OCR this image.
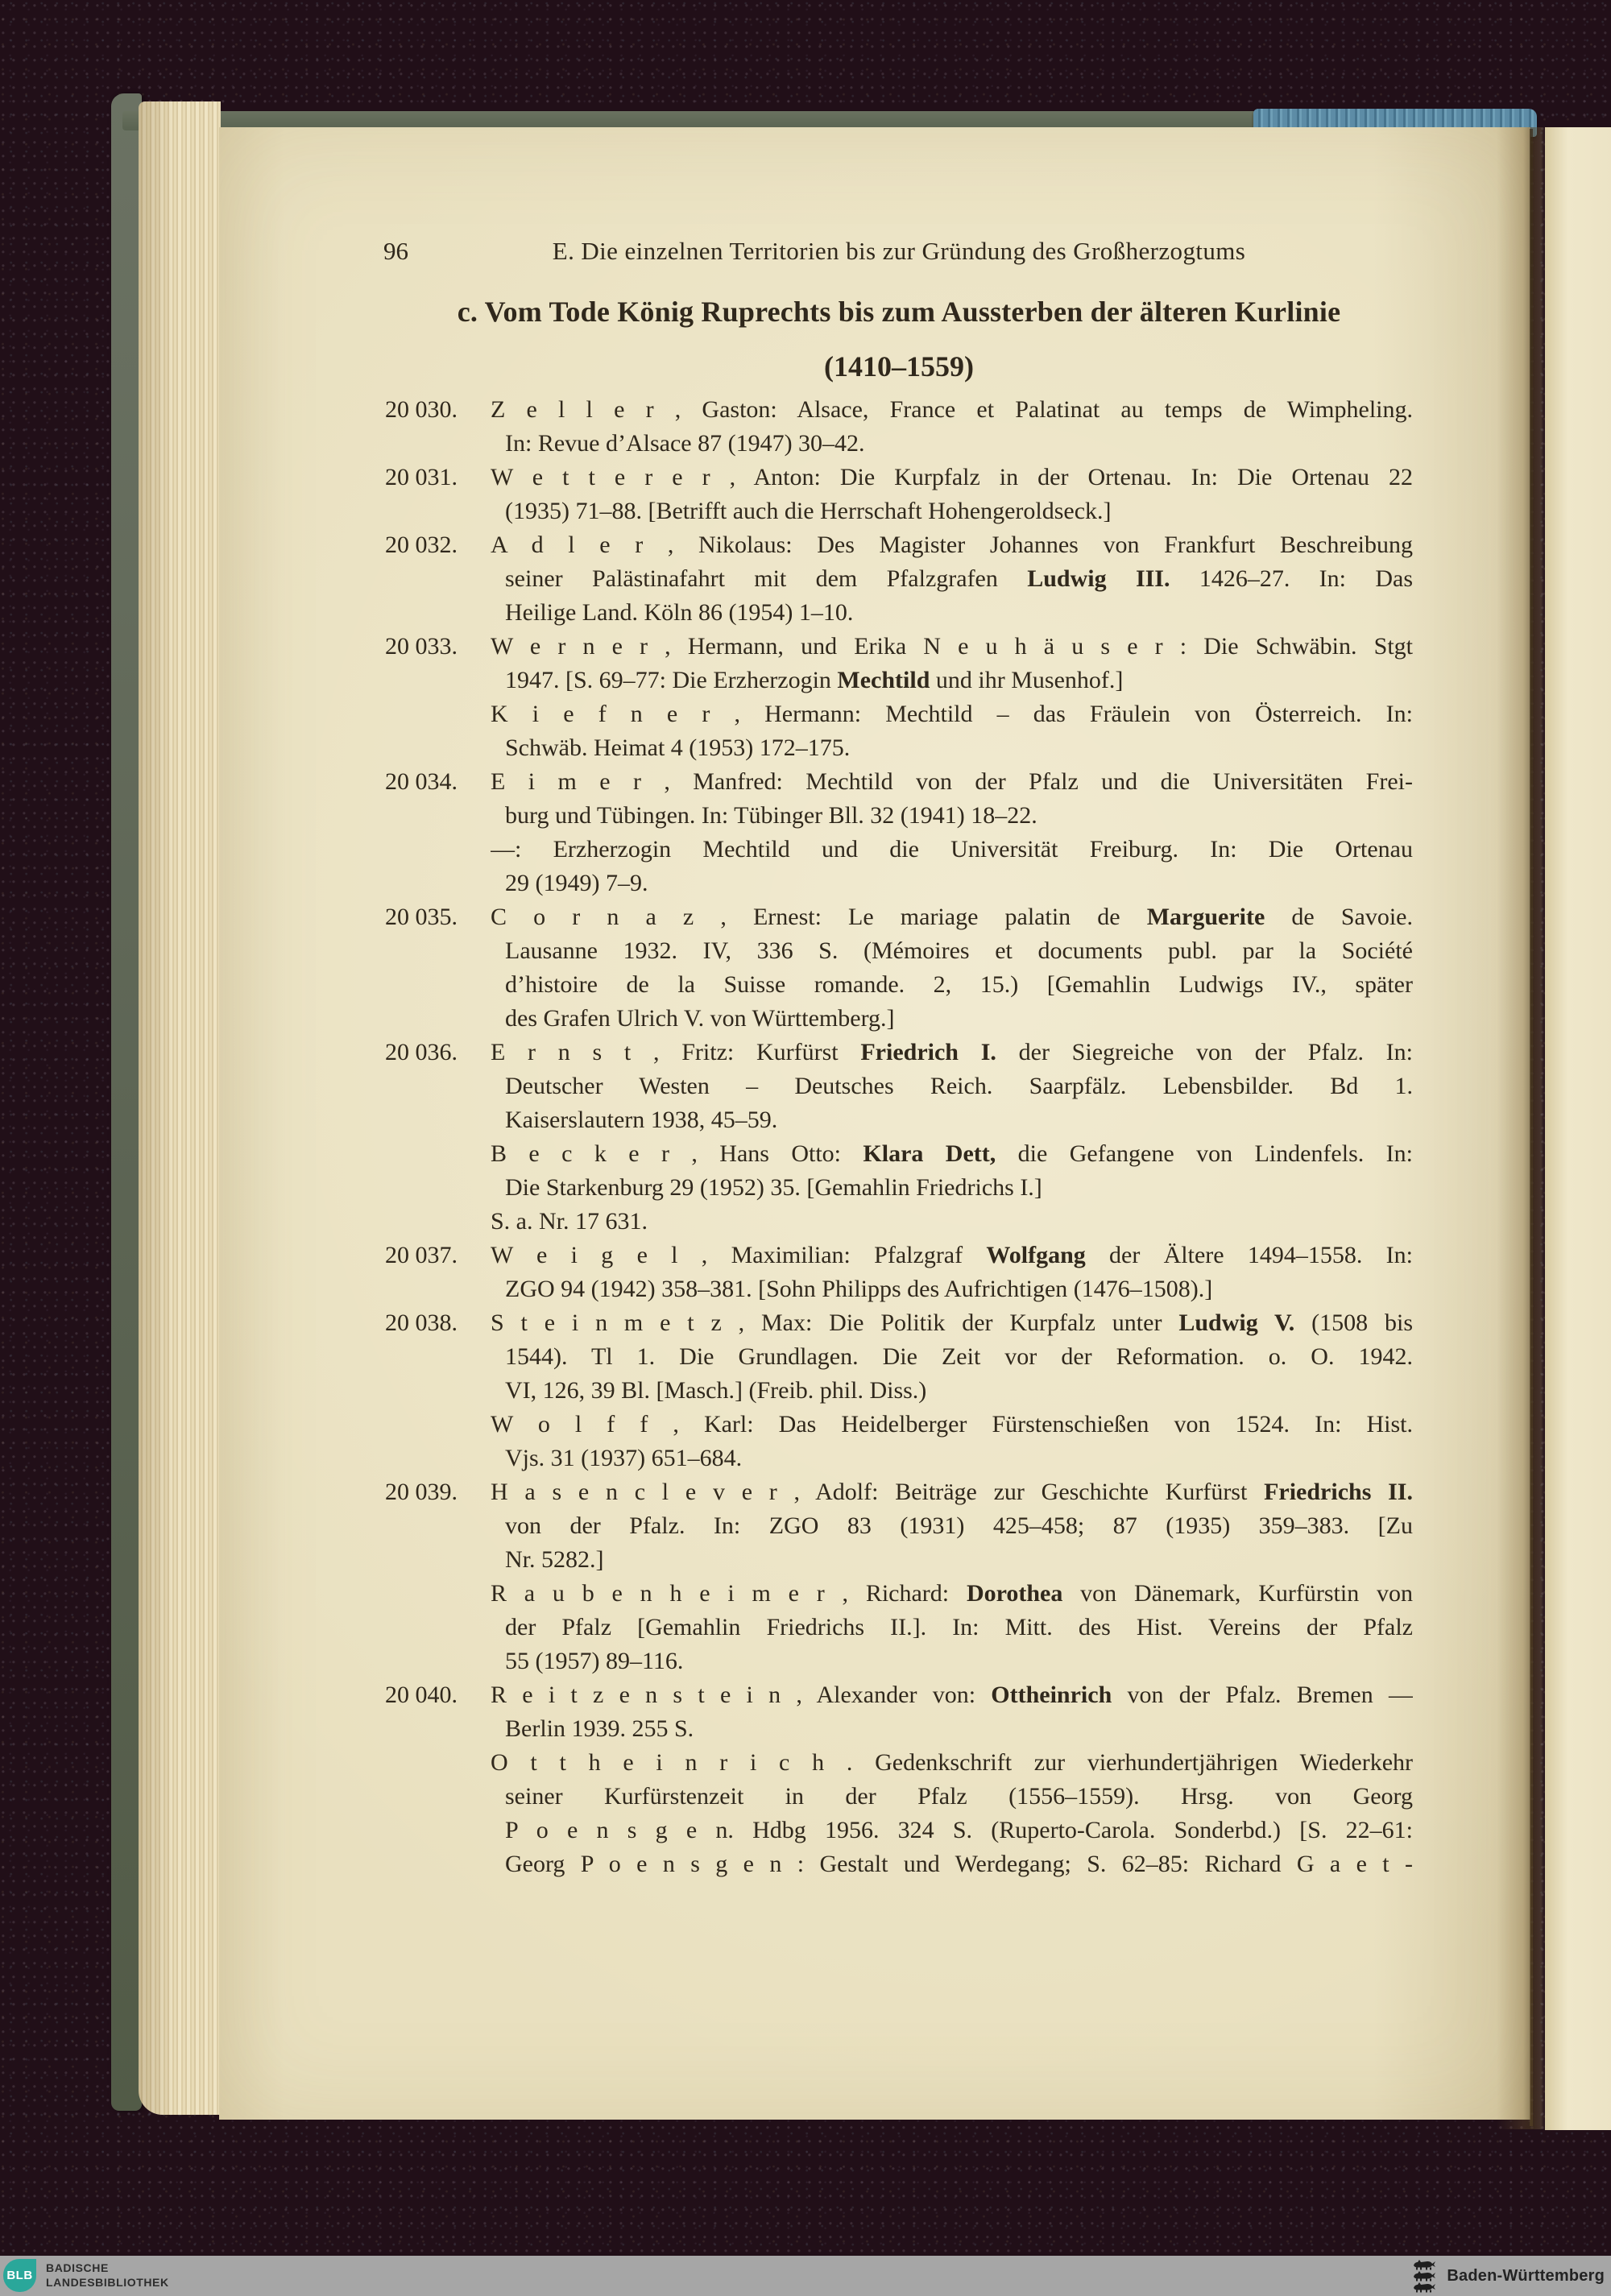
96	E. Die einzelnen Territorien bis zur Gründung des Großherzogtums
c. Vom Tode König Ruprechts bis zum Aussterben der älteren Kurlinie
(1410–1559)
20 030. Z e l l e r , Gaston: Alsace, France et Palatinat au temps de Wimpheling.
In: Revue d’Alsace 87 (1947) 30–42.
20 031. W e t t e r e r , Anton: Die Kurpfalz in der Ortenau. In: Die Ortenau 22
(1935) 71–88. [Betrifft auch die Herrschaft Hohengeroldseck.]
20 032. A d l e r , Nikolaus: Des Magister Johannes von Frankfurt Beschreibung
seiner Palästinafahrt mit dem Pfalzgrafen Ludwig III. 1426–27. In: Das
Heilige Land. Köln 86 (1954) 1–10.
20 033. W e r n e r , Hermann, und Erika N e u h ä u s e r : Die Schwäbin. Stgt
1947. [S. 69–77: Die Erzherzogin Mechtild und ihr Musenhof.]
K i e f n e r , Hermann: Mechtild – das Fräulein von Österreich. In:
Schwäb. Heimat 4 (1953) 172–175.
20 034. E i m e r , Manfred: Mechtild von der Pfalz und die Universitäten Frei-
burg und Tübingen. In: Tübinger Bll. 32 (1941) 18–22.
—: Erzherzogin Mechtild und die Universität Freiburg. In: Die Ortenau
29 (1949) 7–9.
20 035. C o r n a z , Ernest: Le mariage palatin de Marguerite de Savoie.
Lausanne 1932. IV, 336 S. (Mémoires et documents publ. par la Société
d’histoire de la Suisse romande. 2, 15.) [Gemahlin Ludwigs IV., später
des Grafen Ulrich V. von Württemberg.]
20 036. E r n s t , Fritz: Kurfürst Friedrich I. der Siegreiche von der Pfalz. In:
Deutscher Westen – Deutsches Reich. Saarpfälz. Lebensbilder. Bd 1.
Kaiserslautern 1938, 45–59.
B e c k e r , Hans Otto: Klara Dett, die Gefangene von Lindenfels. In:
Die Starkenburg 29 (1952) 35. [Gemahlin Friedrichs I.]
S. a. Nr. 17 631.
20 037. W e i g e l , Maximilian: Pfalzgraf Wolfgang der Ältere 1494–1558. In:
ZGO 94 (1942) 358–381. [Sohn Philipps des Aufrichtigen (1476–1508).]
20 038. S t e i n m e t z , Max: Die Politik der Kurpfalz unter Ludwig V. (1508 bis
1544). Tl 1. Die Grundlagen. Die Zeit vor der Reformation. o. O. 1942.
VI, 126, 39 Bl. [Masch.] (Freib. phil. Diss.)
W o l f f , Karl: Das Heidelberger Fürstenschießen von 1524. In: Hist.
Vjs. 31 (1937) 651–684.
20 039. H a s e n c l e v e r , Adolf: Beiträge zur Geschichte Kurfürst Friedrichs II.
von der Pfalz. In: ZGO 83 (1931) 425–458; 87 (1935) 359–383. [Zu
Nr. 5282.]
R a u b e n h e i m e r , Richard: Dorothea von Dänemark, Kurfürstin von
der Pfalz [Gemahlin Friedrichs II.]. In: Mitt. des Hist. Vereins der Pfalz
55 (1957) 89–116.
20 040. R e i t z e n s t e i n , Alexander von: Ottheinrich von der Pfalz. Bremen —
Berlin 1939. 255 S.
O t t h e i n r i c h . Gedenkschrift zur vierhundertjährigen Wiederkehr
seiner Kurfürstenzeit in der Pfalz (1556–1559). Hrsg. von Georg
P o e n s g e n. Hdbg 1956. 324 S. (Ruperto-Carola. Sonderbd.) [S. 22–61:
Georg P o e n s g e n : Gestalt und Werdegang; S. 62–85: Richard G a e t -
BLB
BADISCHE
LANDESBIBLIOTHEK	Baden-Württemberg
